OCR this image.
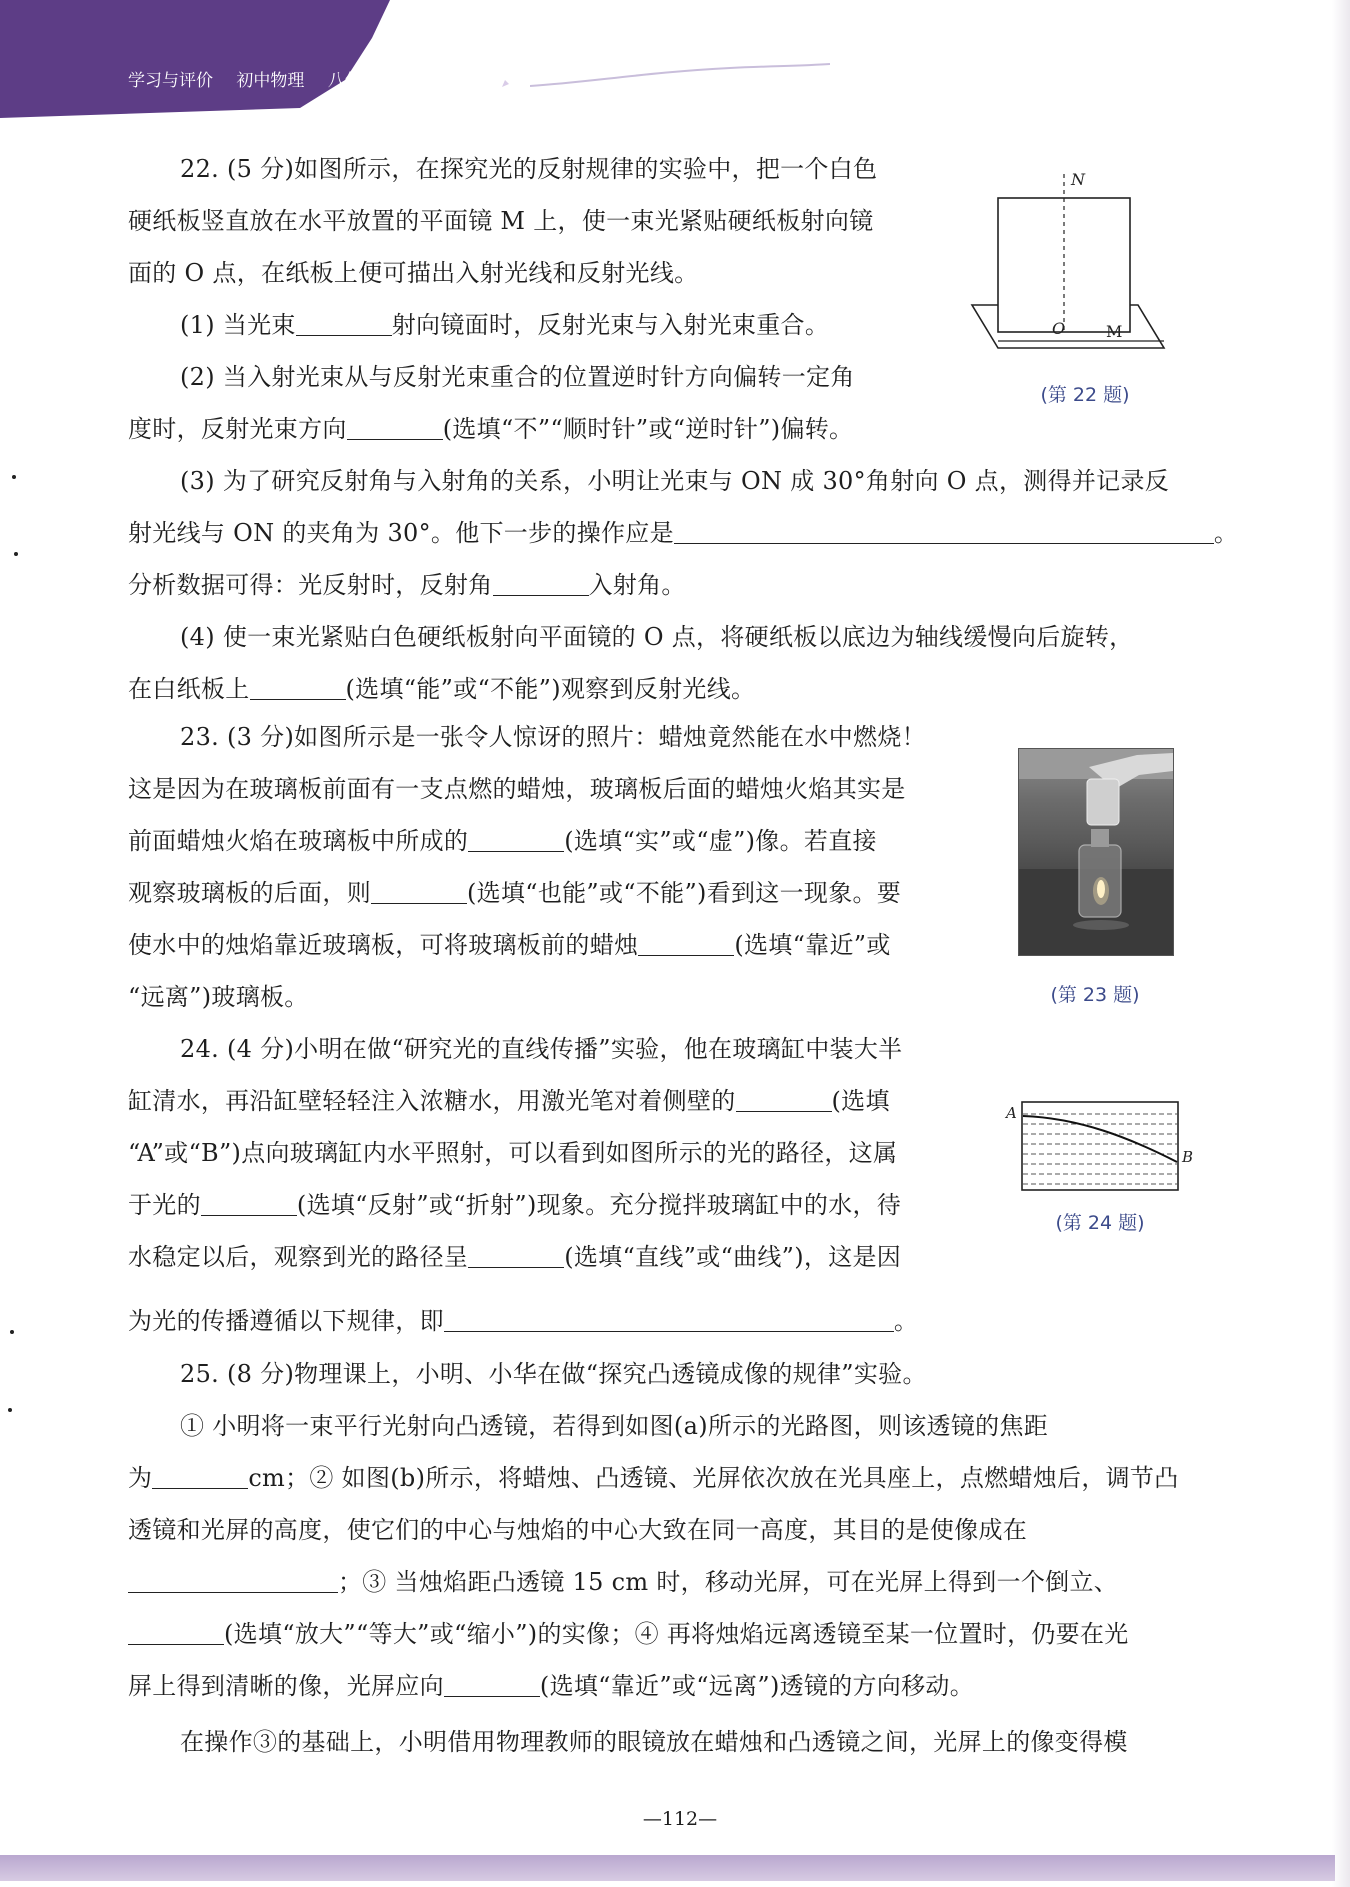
学习与评价 初中物理 八年级上册 苏科版

22. (5 分)如图所示，在探究光的反射规律的实验中，把一个白色

硬纸板竖直放在水平放置的平面镜 M 上，使一束光紧贴硬纸板射向镜

面的 O 点，在纸板上便可描出入射光线和反射光线。

(1) 当光束	射向镜面时，反射光束与入射光束重合。

(2) 当入射光束从与反射光束重合的位置逆时针方向偏转一定角

度时，反射光束方向	(选填“不”“顺时针”或“逆时针”)偏转。

(3) 为了研究反射角与入射角的关系，小明让光束与 ON 成 30°角射向 O 点，测得并记录反

射光线与 ON 的夹角为 30°。他下一步的操作应是	。

分析数据可得：光反射时，反射角	入射角。

(4) 使一束光紧贴白色硬纸板射向平面镜的 O 点，将硬纸板以底边为轴线缓慢向后旋转，

在白纸板上	(选填“能”或“不能”)观察到反射光线。

N
O	M
(第 22 题)

23. (3 分)如图所示是一张令人惊讶的照片：蜡烛竟然能在水中燃烧！

这是因为在玻璃板前面有一支点燃的蜡烛，玻璃板后面的蜡烛火焰其实是

前面蜡烛火焰在玻璃板中所成的	(选填“实”或“虚”)像。若直接

观察玻璃板的后面，则	(选填“也能”或“不能”)看到这一现象。要

使水中的烛焰靠近玻璃板，可将玻璃板前的蜡烛	(选填“靠近”或

“远离”)玻璃板。	(第 23 题)

24. (4 分)小明在做“研究光的直线传播”实验，他在玻璃缸中装大半

缸清水，再沿缸壁轻轻注入浓糖水，用激光笔对着侧壁的	(选填

“A”或“B”)点向玻璃缸内水平照射，可以看到如图所示的光的路径，这属

于光的	(选填“反射”或“折射”)现象。充分搅拌玻璃缸中的水，待

水稳定以后，观察到光的路径呈	(选填“直线”或“曲线”)，这是因

为光的传播遵循以下规律，即	。

A
B
(第 24 题)

25. (8 分)物理课上，小明、小华在做“探究凸透镜成像的规律”实验。

① 小明将一束平行光射向凸透镜，若得到如图(a)所示的光路图，则该透镜的焦距

为	cm；② 如图(b)所示，将蜡烛、凸透镜、光屏依次放在光具座上，点燃蜡烛后，调节凸

透镜和光屏的高度，使它们的中心与烛焰的中心大致在同一高度，其目的是使像成在

；③ 当烛焰距凸透镜 15 cm 时，移动光屏，可在光屏上得到一个倒立、

(选填“放大”“等大”或“缩小”)的实像；④ 再将烛焰远离透镜至某一位置时，仍要在光

屏上得到清晰的像，光屏应向	(选填“靠近”或“远离”)透镜的方向移动。

在操作③的基础上，小明借用物理教师的眼镜放在蜡烛和凸透镜之间，光屏上的像变得模

—112—
